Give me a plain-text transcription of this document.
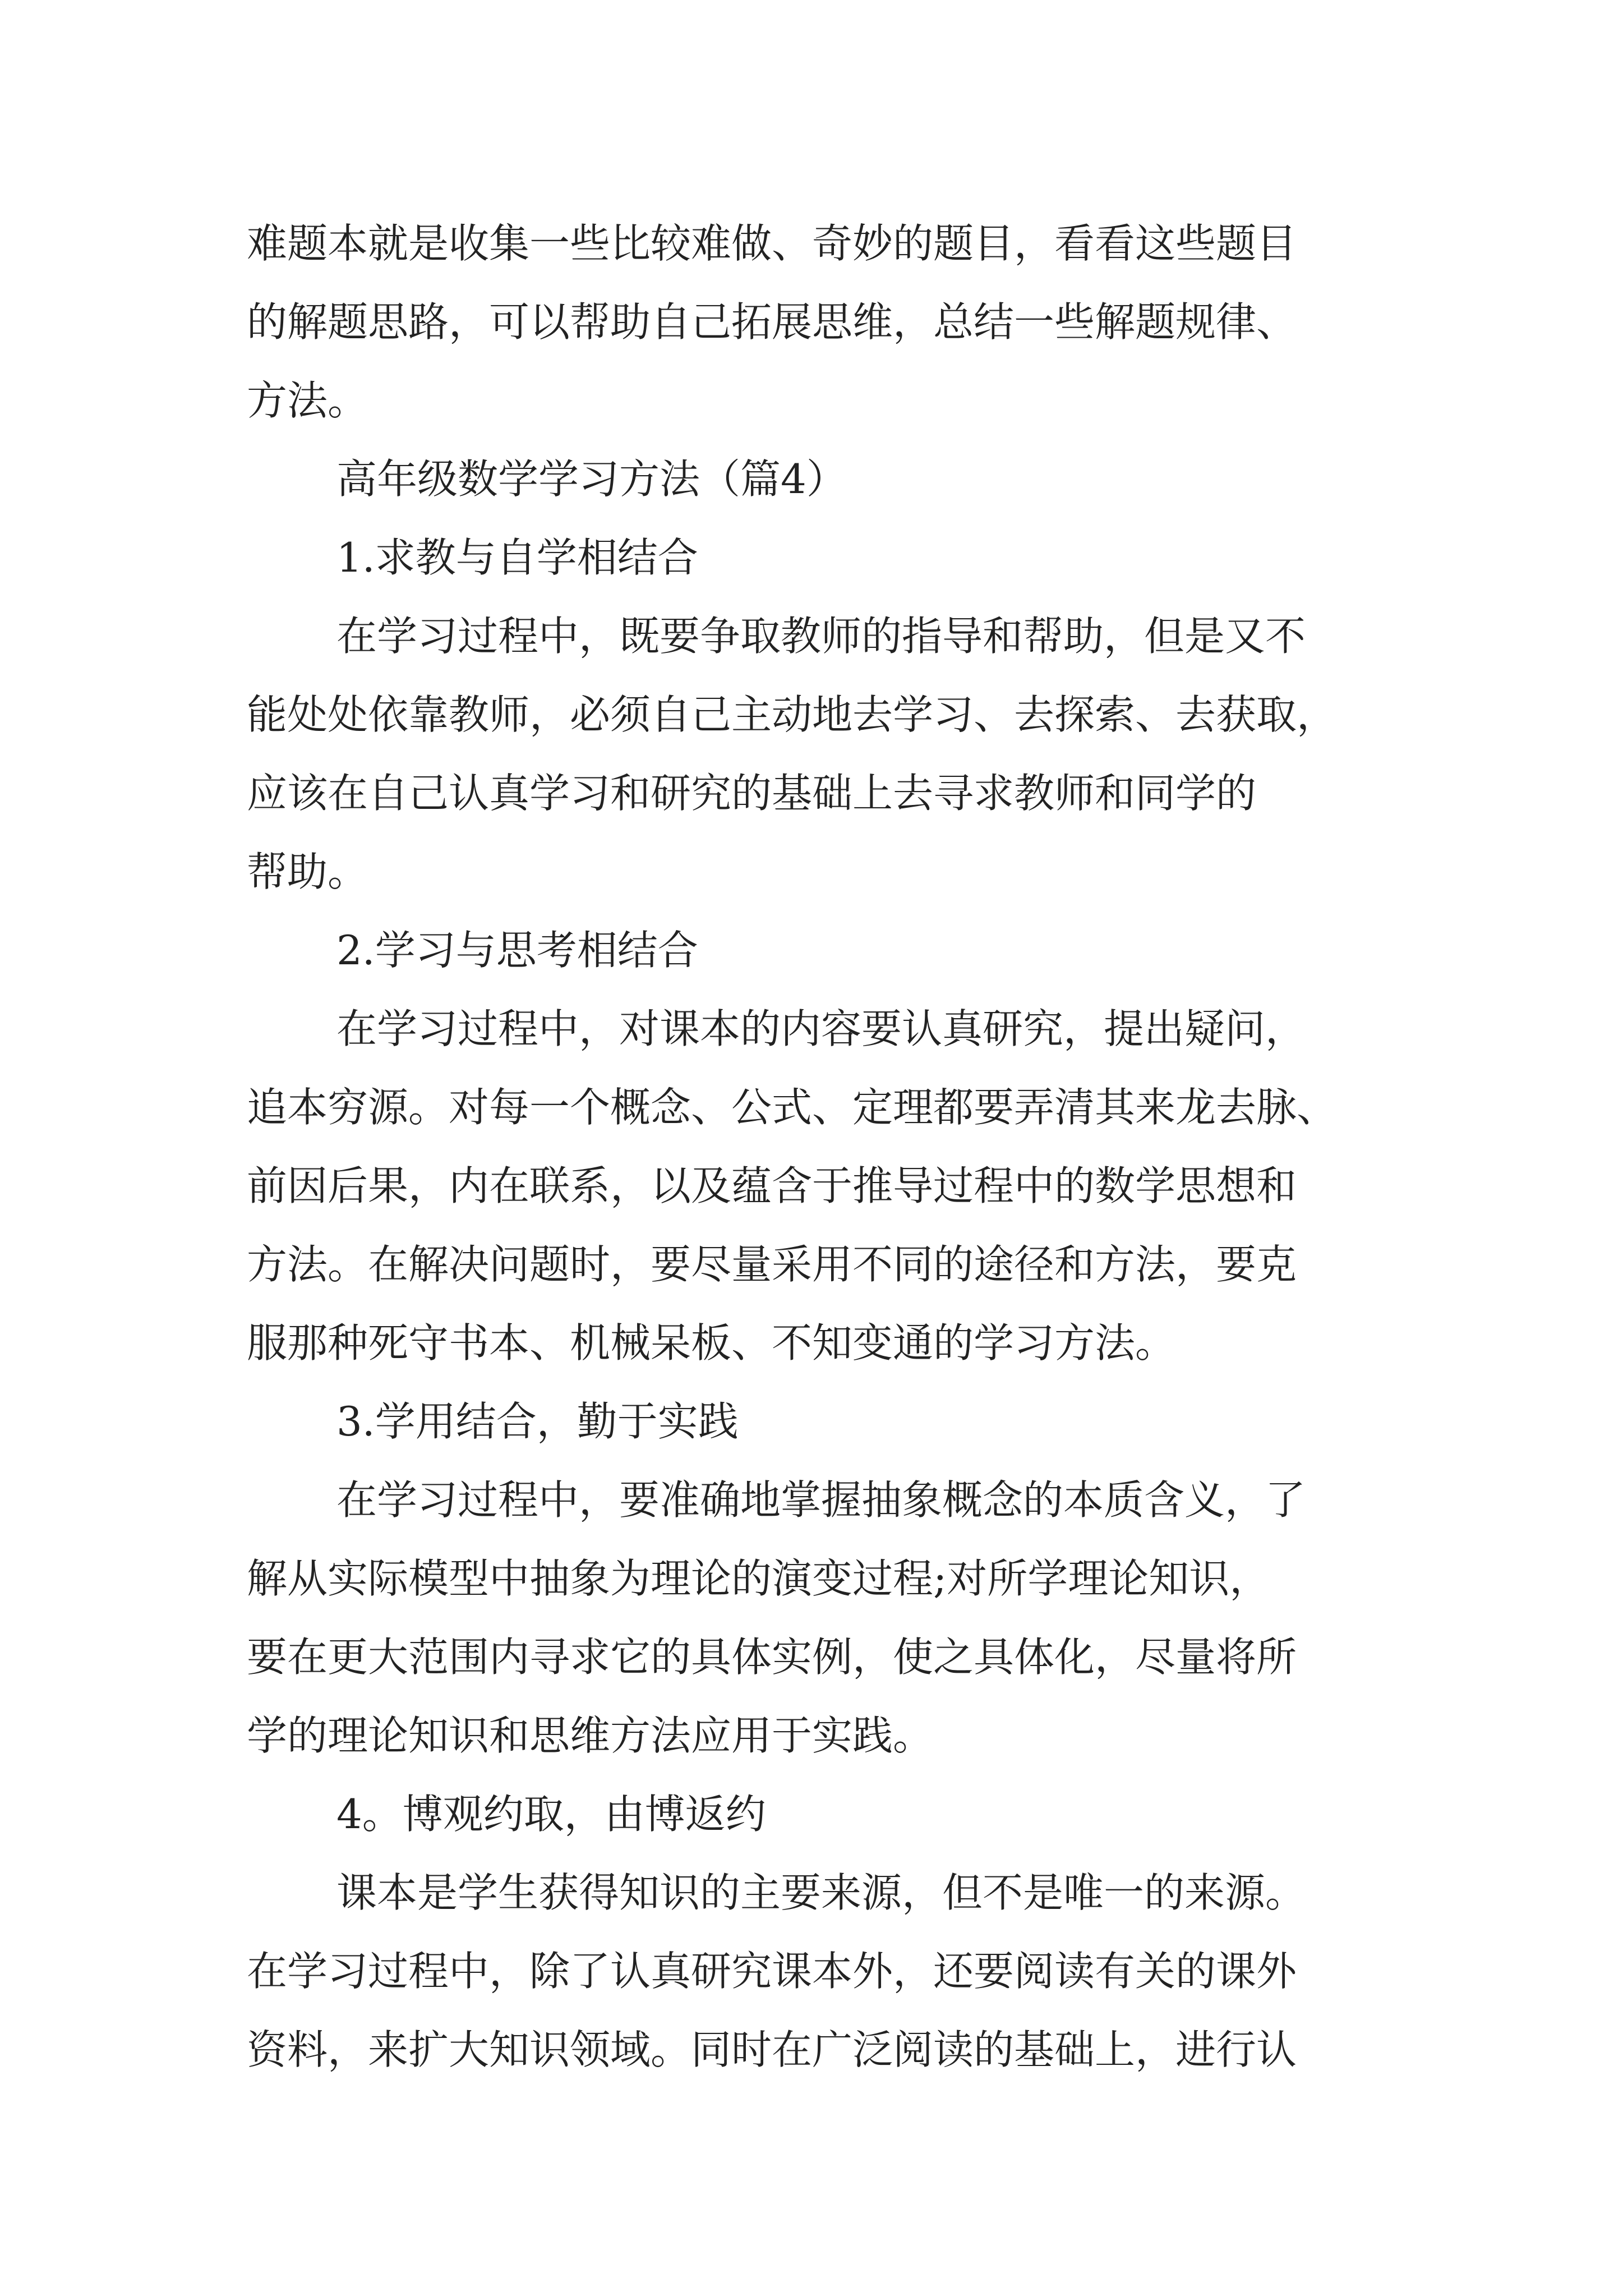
难题本就是收集一些比较难做、奇妙的题目，看看这些题目
的解题思路，可以帮助自己拓展思维，总结一些解题规律、
方法。
高年级数学学习方法（篇4）
1.求教与自学相结合
在学习过程中，既要争取教师的指导和帮助，但是又不
能处处依靠教师，必须自己主动地去学习、去探索、去获取，
应该在自己认真学习和研究的基础上去寻求教师和同学的
帮助。
2.学习与思考相结合
在学习过程中，对课本的内容要认真研究，提出疑问，
追本穷源。对每一个概念、公式、定理都要弄清其来龙去脉、
前因后果，内在联系，以及蕴含于推导过程中的数学思想和
方法。在解决问题时，要尽量采用不同的途径和方法，要克
服那种死守书本、机械呆板、不知变通的学习方法。
3.学用结合，勤于实践
在学习过程中，要准确地掌握抽象概念的本质含义，了
解从实际模型中抽象为理论的演变过程;对所学理论知识，
要在更大范围内寻求它的具体实例，使之具体化，尽量将所
学的理论知识和思维方法应用于实践。
4。博观约取，由博返约
课本是学生获得知识的主要来源，但不是唯一的来源。
在学习过程中，除了认真研究课本外，还要阅读有关的课外
资料，来扩大知识领域。同时在广泛阅读的基础上，进行认
